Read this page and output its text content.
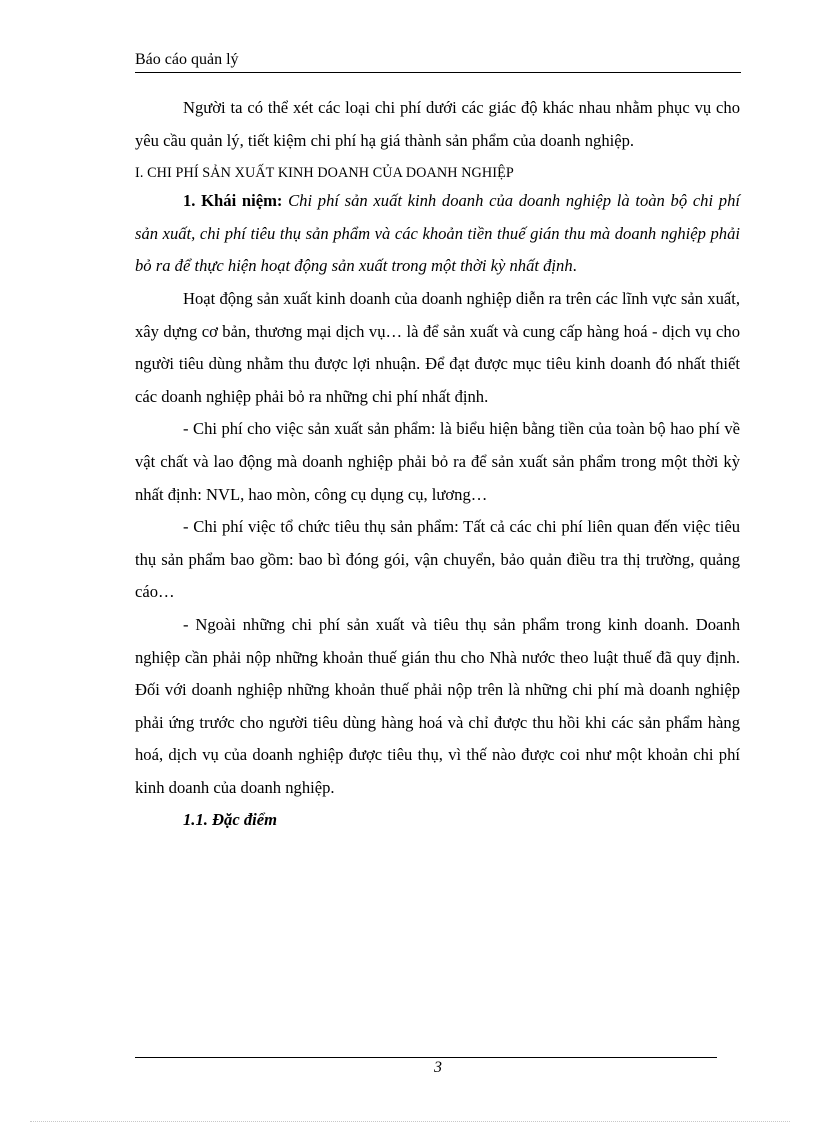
Báo cáo quản lý

Người ta có thể xét các loại chi phí dưới các giác độ khác nhau nhằm phục vụ cho yêu cầu quản lý, tiết kiệm chi phí hạ giá thành sản phẩm của doanh nghiệp.

I. CHI PHÍ SẢN XUẤT KINH DOANH CỦA DOANH NGHIỆP

1. Khái niệm: Chi phí sản xuất kinh doanh của doanh nghiệp là toàn bộ chi phí sản xuất, chi phí tiêu thụ sản phẩm và các khoản tiền thuế gián thu mà doanh nghiệp phải bỏ ra để thực hiện hoạt động sản xuất trong một thời kỳ nhất định.

Hoạt động sản xuất kinh doanh của doanh nghiệp diễn ra trên các lĩnh vực sản xuất, xây dựng cơ bản, thương mại dịch vụ… là để sản xuất và cung cấp hàng hoá - dịch vụ cho người tiêu dùng nhằm thu được lợi nhuận. Để đạt được mục tiêu kinh doanh đó nhất thiết các doanh nghiệp phải bỏ ra những chi phí nhất định.

- Chi phí cho việc sản xuất sản phẩm: là biểu hiện bằng tiền của toàn bộ hao phí về vật chất và lao động mà doanh nghiệp phải bỏ ra để sản xuất sản phẩm trong một thời kỳ nhất định: NVL, hao mòn, công cụ dụng cụ, lương…

- Chi phí việc tổ chức tiêu thụ sản phẩm: Tất cả các chi phí liên quan đến việc tiêu thụ sản phẩm bao gồm: bao bì đóng gói, vận chuyển, bảo quản điều tra thị trường, quảng cáo…

- Ngoài những chi phí sản xuất và tiêu thụ sản phẩm trong kinh doanh. Doanh nghiệp cần phải nộp những khoản thuế gián thu cho Nhà nước theo luật thuế đã quy định. Đối với doanh nghiệp những khoản thuế phải nộp trên là những chi phí mà doanh nghiệp phải ứng trước cho người tiêu dùng hàng hoá và chỉ được thu hồi khi các sản phẩm hàng hoá, dịch vụ của doanh nghiệp được tiêu thụ, vì thế nào được coi như một khoản chi phí kinh doanh của doanh nghiệp.

1.1. Đặc điểm

3
